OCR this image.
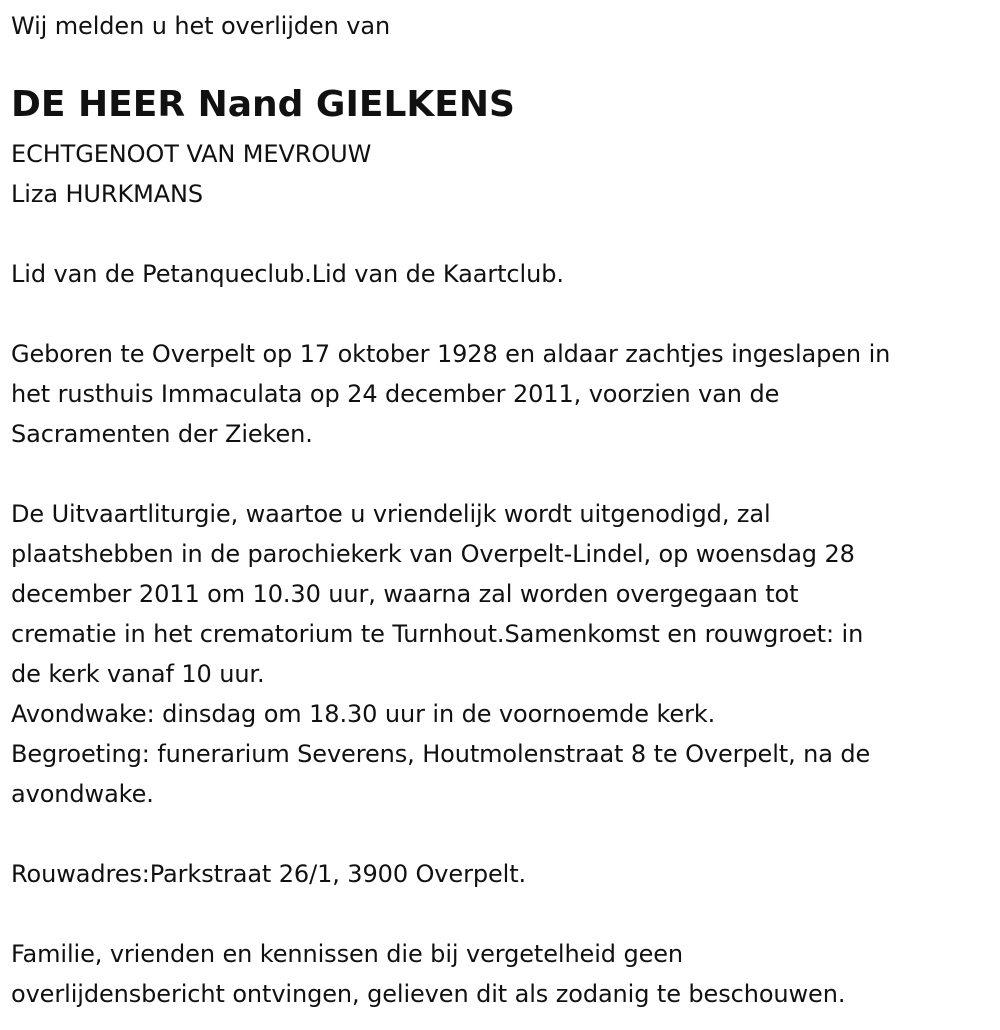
Wij melden u het overlijden van
DE HEER Nand GIELKENS
ECHTGENOOT VAN MEVROUW
Liza HURKMANS
Lid van de Petanqueclub.Lid van de Kaartclub.
Geboren te Overpelt op 17 oktober 1928 en aldaar zachtjes ingeslapen in
het rusthuis Immaculata op 24 december 2011, voorzien van de
Sacramenten der Zieken.
De Uitvaartliturgie, waartoe u vriendelijk wordt uitgenodigd, zal
plaatshebben in de parochiekerk van Overpelt-Lindel, op woensdag 28
december 2011 om 10.30 uur, waarna zal worden overgegaan tot
crematie in het crematorium te Turnhout.Samenkomst en rouwgroet: in
de kerk vanaf 10 uur.
Avondwake: dinsdag om 18.30 uur in de voornoemde kerk.
Begroeting: funerarium Severens, Houtmolenstraat 8 te Overpelt, na de
avondwake.
Rouwadres:Parkstraat 26/1, 3900 Overpelt.
Familie, vrienden en kennissen die bij vergetelheid geen
overlijdensbericht ontvingen, gelieven dit als zodanig te beschouwen.
